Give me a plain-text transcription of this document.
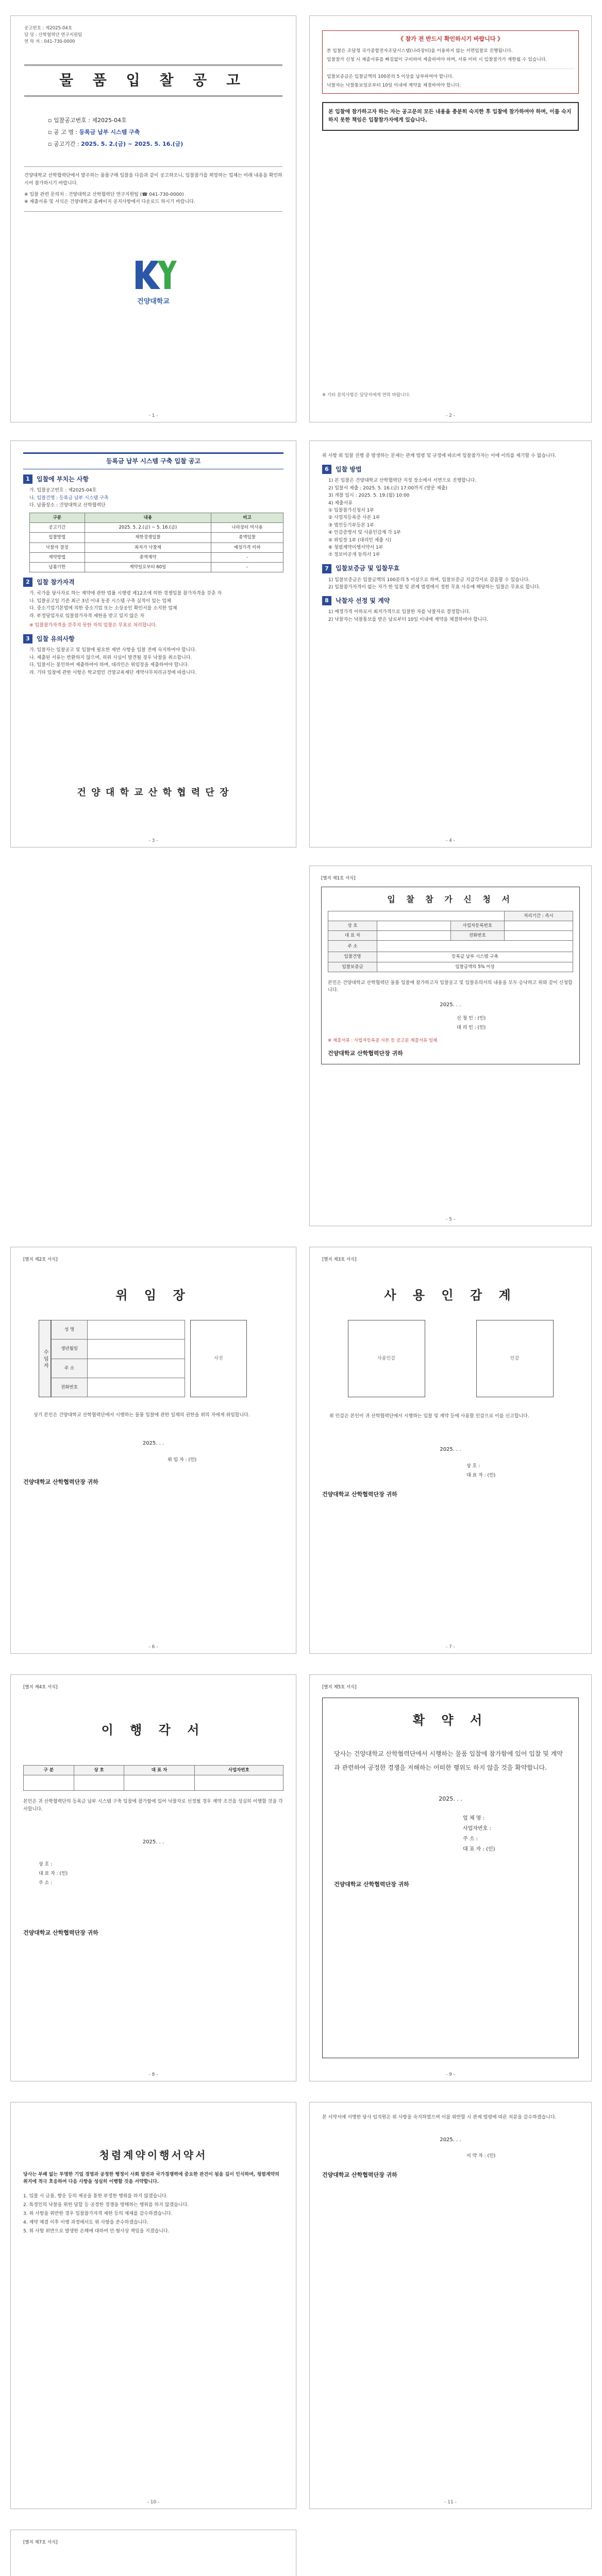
공고번호 : 제2025-04호
담 당 : 산학협력단 연구지원팀
연 락 처 : 041-730-0000
물 품 입 찰 공 고
▫ 입찰공고번호 : 제2025-04호
▫ 공 고 명 : 등록금 납부 시스템 구축
▫ 공고기간 : 2025. 5. 2.(금) ~ 2025. 5. 16.(금)
건양대학교 산학협력단에서 발주하는 물품구매 입찰을 다음과 같이 공고하오니, 입찰참가를 희망하는 업체는 아래 내용을 확인하시어 참가하시기 바랍니다.
※ 입찰 관련 문의처 : 건양대학교 산학협력단 연구지원팀 (☎ 041-730-0000)
※ 제출서류 및 서식은 건양대학교 홈페이지 공지사항에서 다운로드 하시기 바랍니다.
건양대학교
- 1 -
《 참가 전 반드시 확인하시기 바랍니다 》
본 입찰은 조달청 국가종합전자조달시스템(나라장터)을 이용하지 않는 서면입찰로 진행됩니다.
입찰참가 신청 시 제출서류를 빠짐없이 구비하여 제출하여야 하며, 서류 미비 시 입찰참가가 제한될 수 있습니다.
입찰보증금은 입찰금액의 100분의 5 이상을 납부하여야 합니다.
낙찰자는 낙찰통보일로부터 10일 이내에 계약을 체결하여야 합니다.
본 입찰에 참가하고자 하는 자는 공고문의 모든 내용을 충분히 숙지한 후 입찰에 참가하여야 하며, 이를 숙지하지 못한 책임은 입찰참가자에게 있습니다.
※ 기타 문의사항은 담당자에게 연락 바랍니다.
- 2 -
등록금 납부 시스템 구축 입찰 공고
1	입찰에 부치는 사항
가. 입찰공고번호 : 제2025-04호
나. 입찰건명 : 등록금 납부 시스템 구축
다. 납품장소 : 건양대학교 산학협력단
구분	내용	비고
공고기간	2025. 5. 2.(금) ~ 5. 16.(금)	나라장터 미사용
입찰방법	제한경쟁입찰	총액입찰
낙찰자 결정	최저가 낙찰제	예정가격 이하
계약방법	총액계약	-
납품기한	계약일로부터 60일	-
2	입찰 참가자격
가. 국가를 당사자로 하는 계약에 관한 법률 시행령 제12조에 의한 경쟁입찰 참가자격을 갖춘 자
나. 입찰공고일 기준 최근 3년 이내 동종 시스템 구축 실적이 있는 업체
다. 중소기업기본법에 의한 중소기업 또는 소상공인 확인서를 소지한 업체
라. 부정당업자로 입찰참가자격 제한을 받고 있지 않은 자
※ 입찰참가자격을 갖추지 못한 자의 입찰은 무효로 처리합니다.
3	입찰 유의사항
가. 입찰자는 입찰공고 및 입찰에 필요한 제반 사항을 입찰 전에 숙지하여야 합니다.
나. 제출된 서류는 반환하지 않으며, 허위 사실이 발견될 경우 낙찰을 취소합니다.
다. 입찰서는 봉인하여 제출하여야 하며, 대리인은 위임장을 제출하여야 합니다.
라. 기타 입찰에 관한 사항은 학교법인 건양교육재단 계약사무처리규정에 따릅니다.
건 양 대 학 교 산 학 협 력 단 장
- 3 -
위 사항 외 입찰 진행 중 발생하는 문제는 관계 법령 및 규정에 따르며 입찰참가자는 이에 이의를 제기할 수 없습니다.
6	입찰 방법
1) 본 입찰은 건양대학교 산학협력단 지정 장소에서 서면으로 진행합니다.
2) 입찰서 제출 : 2025. 5. 16.(금) 17:00까지 (방문 제출)
3) 개찰 일시 : 2025. 5. 19.(월) 10:00
4) 제출서류
① 입찰참가신청서 1부
② 사업자등록증 사본 1부
③ 법인등기부등본 1부
④ 인감증명서 및 사용인감계 각 1부
⑤ 위임장 1부 (대리인 제출 시)
⑥ 청렴계약이행서약서 1부
⑦ 정보비공개 동의서 1부
7	입찰보증금 및 입찰무효
1) 입찰보증금은 입찰금액의 100분의 5 이상으로 하며, 입찰보증금 지급각서로 갈음할 수 있습니다.
2) 입찰참가자격이 없는 자가 한 입찰 및 관계 법령에서 정한 무효 사유에 해당하는 입찰은 무효로 합니다.
8	낙찰자 선정 및 계약
1) 예정가격 이하로서 최저가격으로 입찰한 자를 낙찰자로 결정합니다.
2) 낙찰자는 낙찰통보를 받은 날로부터 10일 이내에 계약을 체결하여야 합니다.
- 4 -
[별지 제1호 서식]
입 찰 참 가 신 청 서
			처리기간 : 즉시
상 호		사업자등록번호	
대 표 자		전화번호	
주 소			
입찰건명	등록금 납부 시스템 구축		
입찰보증금	입찰금액의 5% 이상		
본인은 건양대학교 산학협력단 물품 입찰에 참가하고자 입찰공고 및 입찰유의서의 내용을 모두 승낙하고 위와 같이 신청합니다.
2025. . .
신 청 인 : (인)
대 리 인 : (인)
※ 제출서류 : 사업자등록증 사본 등 공고문 제출서류 일체
건양대학교 산학협력단장 귀하
- 5 -
[별지 제2호 서식]
위 임 장
수 임 자
성 명	
생년월일	
주 소	
전화번호	
사진
상기 본인은 건양대학교 산학협력단에서 시행하는 물품 입찰에 관한 일체의 권한을 위의 자에게 위임합니다.
2025. . .
위 임 자 : (인)
건양대학교 산학협력단장 귀하
- 6 -
[별지 제3호 서식]
사 용 인 감 계
사용인감	인감
위 인감은 본인이 귀 산학협력단에서 시행하는 입찰 및 계약 등에 사용할 인감으로 이를 신고합니다.
2025. . .
상 호 :
대 표 자 : (인)
건양대학교 산학협력단장 귀하
- 7 -
[별지 제4호 서식]
이 행 각 서
구 분	상 호	대 표 자	사업자번호

본인은 귀 산학협력단의 등록금 납부 시스템 구축 입찰에 참가함에 있어 낙찰자로 선정될 경우 계약 조건을 성실히 이행할 것을 각서합니다.
2025. . .
상 호 :
대 표 자 : (인)
주 소 :
건양대학교 산학협력단장 귀하
- 8 -
[별지 제5호 서식]
확 약 서
당사는 건양대학교 산학협력단에서 시행하는 물품 입찰에 참가함에 있어 입찰 및 계약과 관련하여 공정한 경쟁을 저해하는 어떠한 행위도 하지 않을 것을 확약합니다.
2025. . .
업 체 명 :
사업자번호 :
주 소 :
대 표 자 : (인)
건양대학교 산학협력단장 귀하
- 9 -
청렴계약이행서약서
당사는 부패 없는 투명한 기업 경영과 공정한 행정이 사회 발전과 국가경쟁력에 중요한 관건이 됨을 깊이 인식하며, 청렴계약의 취지에 적극 호응하여 다음 사항을 성실히 이행할 것을 서약합니다.
1. 입찰 시 금품, 향응 등의 제공을 통한 부정한 행위를 하지 않겠습니다.
2. 특정인의 낙찰을 위한 담합 등 공정한 경쟁을 방해하는 행위를 하지 않겠습니다.
3. 위 사항을 위반한 경우 입찰참가자격 제한 등의 제재를 감수하겠습니다.
4. 계약 체결 이후 이행 과정에서도 위 사항을 준수하겠습니다.
5. 위 사항 위반으로 발생한 손해에 대하여 민·형사상 책임을 지겠습니다.
- 10 -
본 서약서에 서명한 당사 임직원은 위 사항을 숙지하였으며 이를 위반할 시 관계 법령에 따른 처분을 감수하겠습니다.
2025. . .
서 약 자 : (인)
건양대학교 산학협력단장 귀하
- 11 -
[별지 제7호 서식]
